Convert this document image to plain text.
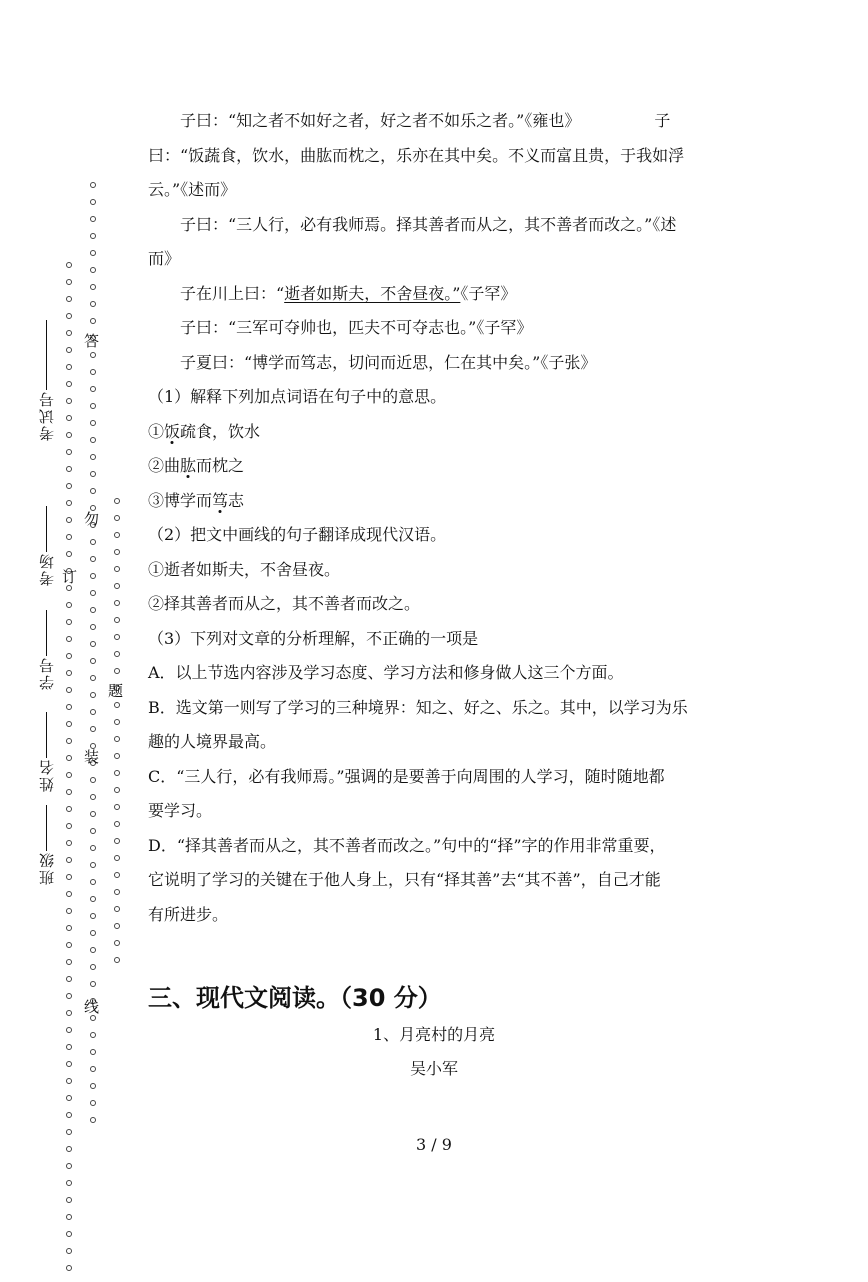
班级
姓名
学号
考场
考试号
线
装
订
勿
答
题

子曰：“知之者不如好之者，好之者不如乐之者。”《雍也》	子

曰：“饭蔬食，饮水，曲肱而枕之，乐亦在其中矣。不义而富且贵，于我如浮

云。”《述而》

子曰：“三人行，必有我师焉。择其善者而从之，其不善者而改之。”《述

而》

子在川上曰：“逝者如斯夫，不舍昼夜。”《子罕》

子曰：“三军可夺帅也，匹夫不可夺志也。”《子罕》

子夏曰：“博学而笃志，切问而近思，仁在其中矣。”《子张》

（1）解释下列加点词语在句子中的意思。

①饭疏食，饮水

②曲肱而枕之

③博学而笃志

（2）把文中画线的句子翻译成现代汉语。

①逝者如斯夫，不舍昼夜。

②择其善者而从之，其不善者而改之。

（3）下列对文章的分析理解，不正确的一项是

A．以上节选内容涉及学习态度、学习方法和修身做人这三个方面。

B．选文第一则写了学习的三种境界：知之、好之、乐之。其中，以学习为乐

趣的人境界最高。

C．“三人行，必有我师焉。”强调的是要善于向周围的人学习，随时随地都

要学习。

D．“择其善者而从之，其不善者而改之。”句中的“择”字的作用非常重要，

它说明了学习的关键在于他人身上，只有“择其善”去“其不善”，自己才能

有所进步。

三、现代文阅读。（30 分）
1、月亮村的月亮
吴小军
3 / 9
